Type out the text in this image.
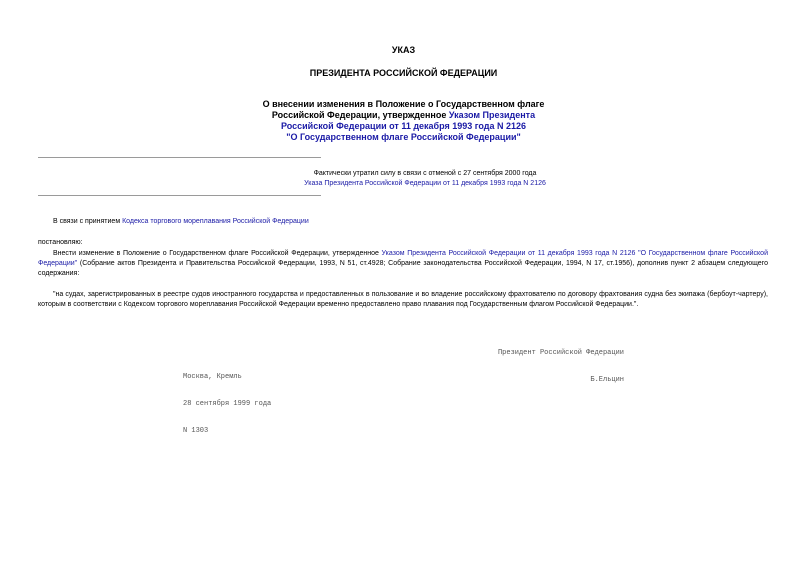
УКАЗ
ПРЕЗИДЕНТА РОССИЙСКОЙ ФЕДЕРАЦИИ
О внесении изменения в Положение о Государственном флаге
Российской Федерации, утвержденное Указом Президента
Российской Федерации от 11 декабря 1993 года N 2126
"О Государственном флаге Российской Федерации"
Фактически утратил силу в связи с отменой с 27 сентября 2000 года
Указа Президента Российской Федерации от 11 декабря 1993 года N 2126
В связи с принятием Кодекса торгового мореплавания Российской Федерации
постановляю:
Внести изменение в Положение о Государственном флаге Российской Федерации, утвержденное Указом Президента Российской Федерации от 11 декабря 1993 года N 2126 "О Государственном флаге Российской Федерации" (Собрание актов Президента и Правительства Российской Федерации, 1993, N 51, ст.4928; Собрание законодательства Российской Федерации, 1994, N 17, ст.1956), дополнив пункт 2 абзацем следующего содержания:
"на судах, зарегистрированных в реестре судов иностранного государства и предоставленных в пользование и во владение российскому фрахтователю по договору фрахтования судна без экипажа (бербоут-чартеру), которым в соответствии с Кодексом торгового мореплавания Российской Федерации временно предоставлено право плавания под Государственным флагом Российской Федерации.".

Президент Российской Федерации

Б.Ельцин

Москва, Кремль

28 сентября 1999 года

N 1303
